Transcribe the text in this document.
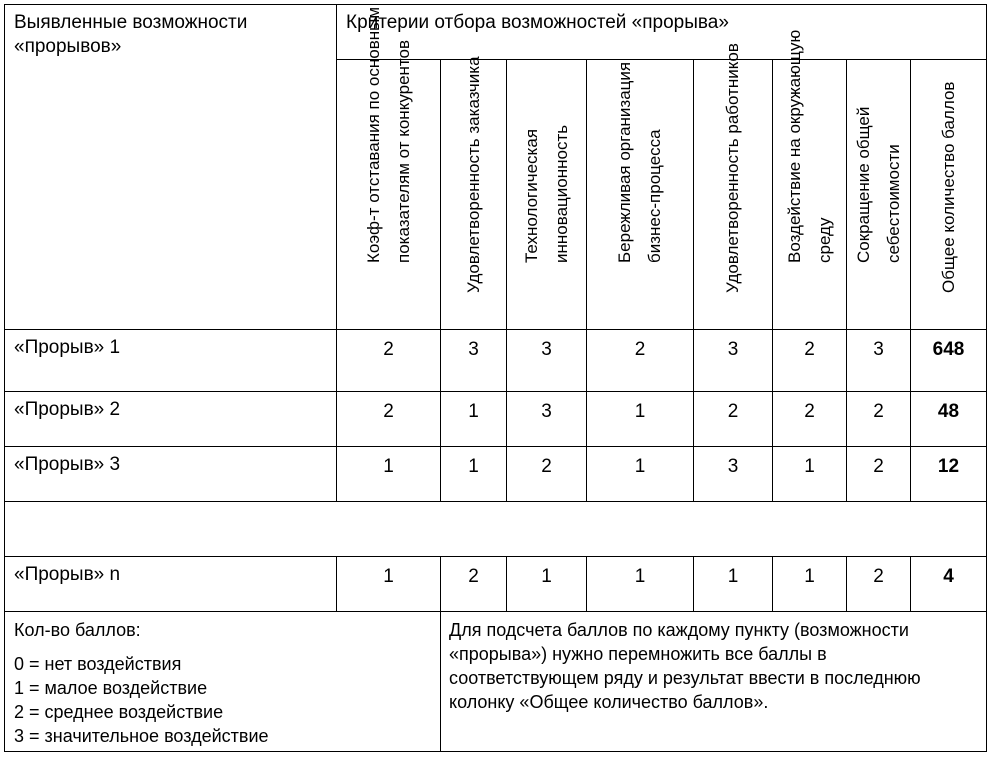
Выявленные возможности «прорывов»	Критерии отбора возможностей «прорыва»							

	Коэф-т отставания по основным показателям от конкурентов	Удовлетворенность заказчика	Технологическая инновационность	Бережливая организация бизнес-процесса	Удовлетворенность работников	Воздействие на окружающую среду	Сокращение общей себестоимости	Общее количество баллов

«Прорыв» 1	2	3	3	2	3	2	3	648
«Прорыв» 2	2	1	3	1	2	2	2	48
«Прорыв» 3	1	1	2	1	3	1	2	12

«Прорыв» n	1	2	1	1	1	1	2	4

Кол-во баллов:
0 = нет воздействия
1 = малое воздействие
2 = среднее воздействие
3 = значительное воздействие		Для подсчета баллов по каждому пункту (возможности «прорыва») нужно перемножить все баллы в соответствующем ряду и результат ввести в последнюю колонку «Общее количество баллов».						
